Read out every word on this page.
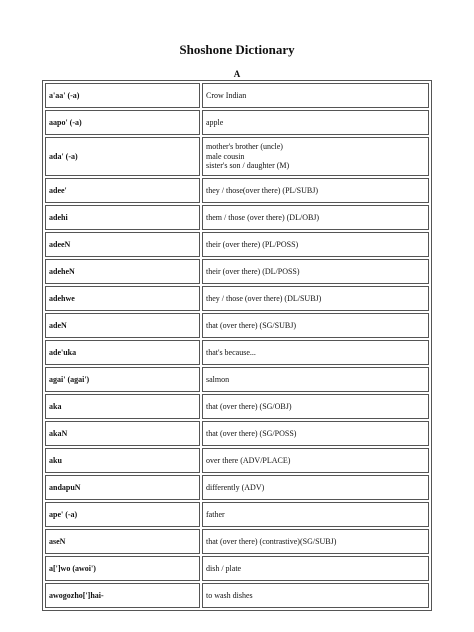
Shoshone Dictionary
A
a'aa' (-a)	Crow Indian
aapo' (-a)	apple
ada' (-a)	mother's brother (uncle)
male cousin
sister's son / daughter (M)
adee'	they / those(over there) (PL/SUBJ)
adehi	them / those (over there) (DL/OBJ)
adeeN	their (over there) (PL/POSS)
adeheN	their (over there) (DL/POSS)
adehwe	they / those (over there) (DL/SUBJ)
adeN	that (over there) (SG/SUBJ)
ade'uka	that's because...
agai' (agai')	salmon
aka	that (over there) (SG/OBJ)
akaN	that (over there) (SG/POSS)
aku	over there (ADV/PLACE)
andapuN	differently (ADV)
ape' (-a)	father
aseN	that (over there) (contrastive)(SG/SUBJ)
a[']wo (awoi')	dish / plate
awogozho[']hai-	to wash dishes
